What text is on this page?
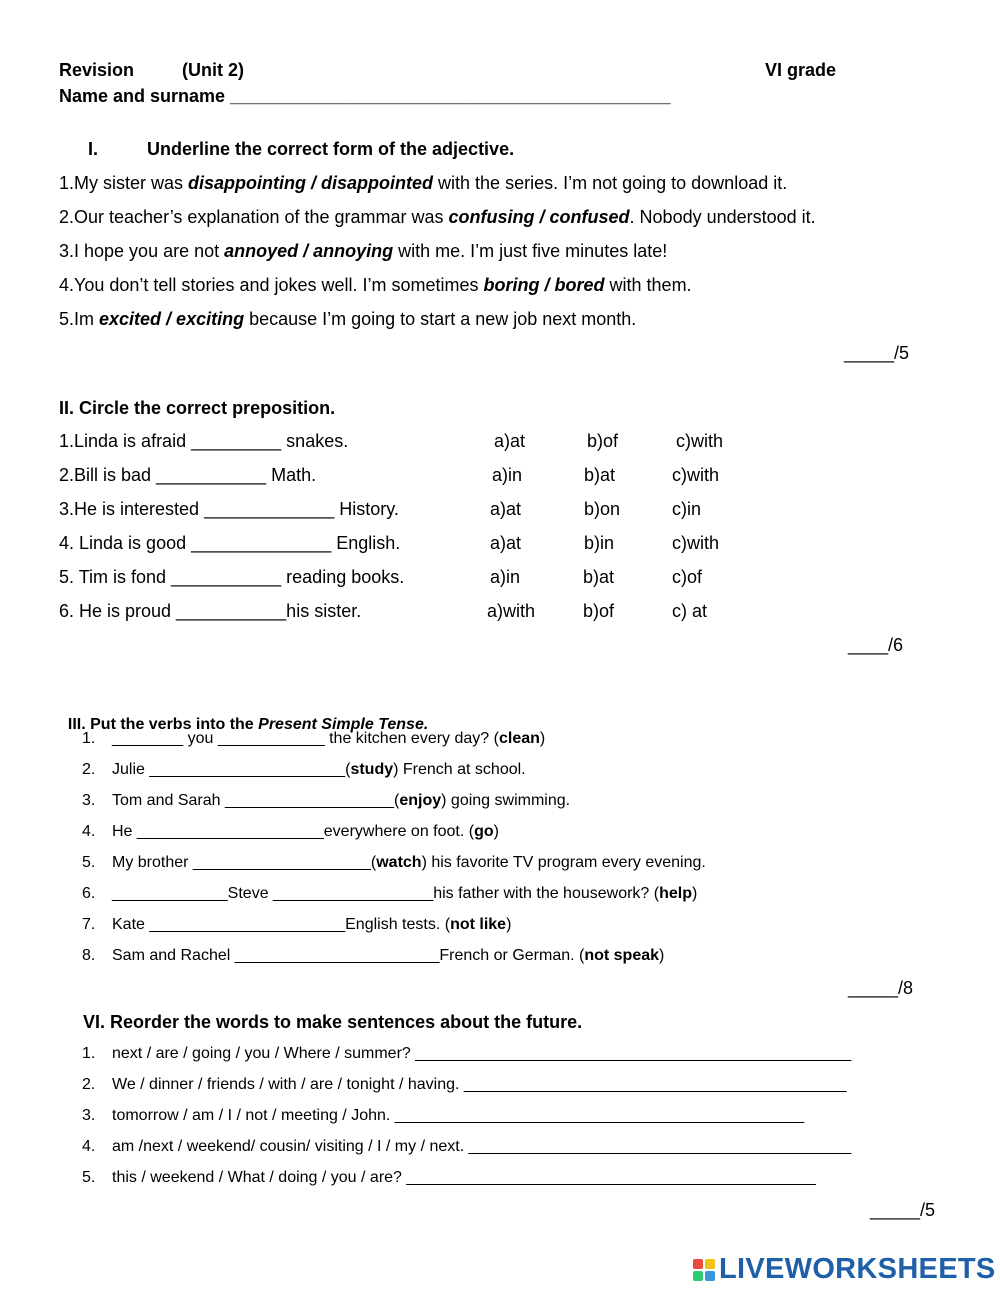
Revision	(Unit 2)	VI grade
Name and surname ____________________________________________
I.	Underline the correct form of the adjective.
1.My sister was disappointing / disappointed with the series. I’m not going to download it.
2.Our teacher’s explanation of the grammar was confusing / confused. Nobody understood it.
3.I hope you are not annoyed / annoying with me. I’m just five minutes late!
4.You don’t tell stories and jokes well. I’m sometimes boring / bored with them.
5.Im excited / exciting because I’m going to start a new job next month.
_____/5
II. Circle the correct preposition.
1.Linda is afraid _________ snakes.	a)at	b)of	c)with
2.Bill is bad ___________ Math.	a)in	b)at	c)with
3.He is interested _____________ History.	a)at	b)on	c)in
4. Linda is good ______________ English.	a)at	b)in	c)with
5. Tim is fond ___________ reading books.	a)in	b)at	c)of
6. He is proud ___________his sister.	a)with	b)of	c) at
____/6

III. Put the verbs into the Present Simple Tense.

1. ________ you ____________ the kitchen every day? (clean)
2. Julie ______________________(study) French at school.
3. Tom and Sarah ___________________(enjoy) going swimming.
4. He _____________________everywhere on foot. (go)
5. My brother ____________________(watch) his favorite TV program every evening.
6. _____________Steve __________________his father with the housework? (help)
7. Kate ______________________English tests. (not like)
8. Sam and Rachel _______________________French or German. (not speak)
_____/8
VI. Reorder the words to make sentences about the future.
1. next / are / going / you / Where / summer? _________________________________________________
2. We / dinner / friends / with / are / tonight / having. ___________________________________________
3. tomorrow / am / I / not / meeting / John. ______________________________________________
4. am /next / weekend/ cousin/ visiting / I / my / next. ___________________________________________
5. this / weekend / What / doing / you / are? ______________________________________________
_____/5
LIVEWORKSHEETS
